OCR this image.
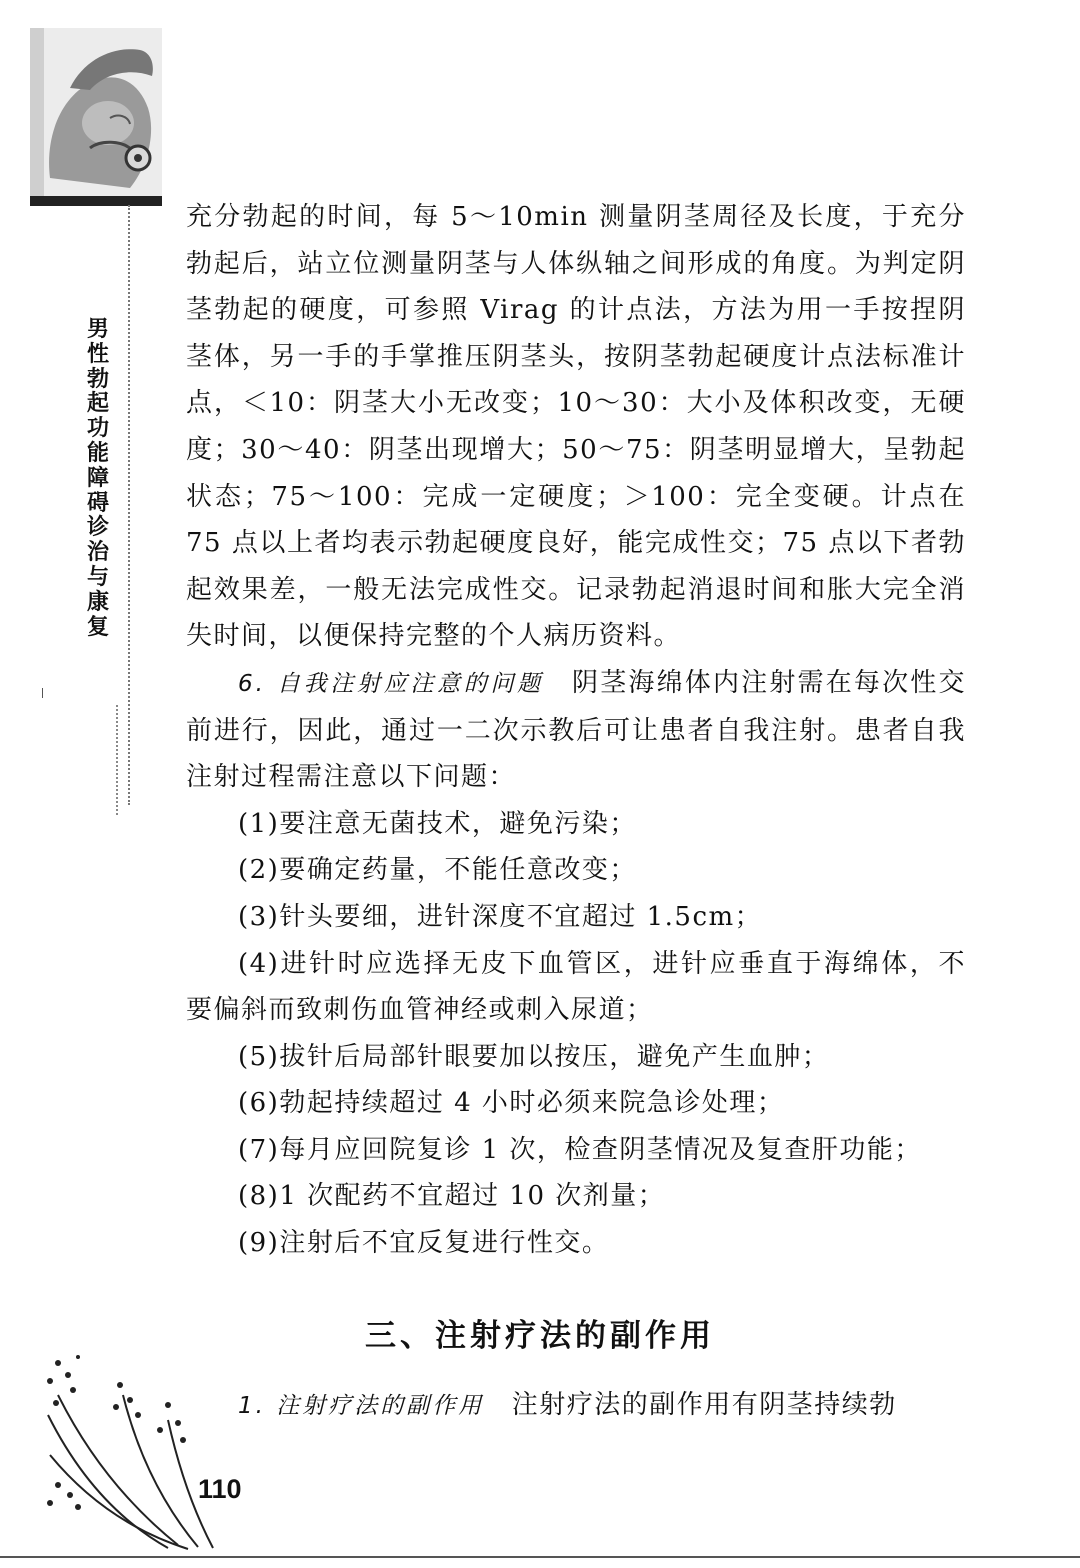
男
性
勃
起
功
能
障
碍
诊
治
与
康
复

充分勃起的时间，每 5～10min 测量阴茎周径及长度，于充分勃起后，站立位测量阴茎与人体纵轴之间形成的角度。为判定阴茎勃起的硬度，可参照 Virag 的计点法，方法为用一手按捏阴茎体，另一手的手掌推压阴茎头，按阴茎勃起硬度计点法标准计点，＜10：阴茎大小无改变；10～30：大小及体积改变，无硬度；30～40：阴茎出现增大；50～75：阴茎明显增大，呈勃起状态；75～100：完成一定硬度；＞100：完全变硬。计点在 75 点以上者均表示勃起硬度良好，能完成性交；75 点以下者勃起效果差，一般无法完成性交。记录勃起消退时间和胀大完全消失时间，以便保持完整的个人病历资料。

6. 自我注射应注意的问题　 阴茎海绵体内注射需在每次性交前进行，因此，通过一二次示教后可让患者自我注射。患者自我注射过程需注意以下问题：

(1)要注意无菌技术，避免污染；

(2)要确定药量，不能任意改变；

(3)针头要细，进针深度不宜超过 1.5cm；

(4)进针时应选择无皮下血管区，进针应垂直于海绵体，不要偏斜而致刺伤血管神经或刺入尿道；

(5)拔针后局部针眼要加以按压，避免产生血肿；

(6)勃起持续超过 4 小时必须来院急诊处理；

(7)每月应回院复诊 1 次，检查阴茎情况及复查肝功能；

(8)1 次配药不宜超过 10 次剂量；

(9)注射后不宜反复进行性交。

三、注射疗法的副作用
1. 注射疗法的副作用　 注射疗法的副作用有阴茎持续勃
110
